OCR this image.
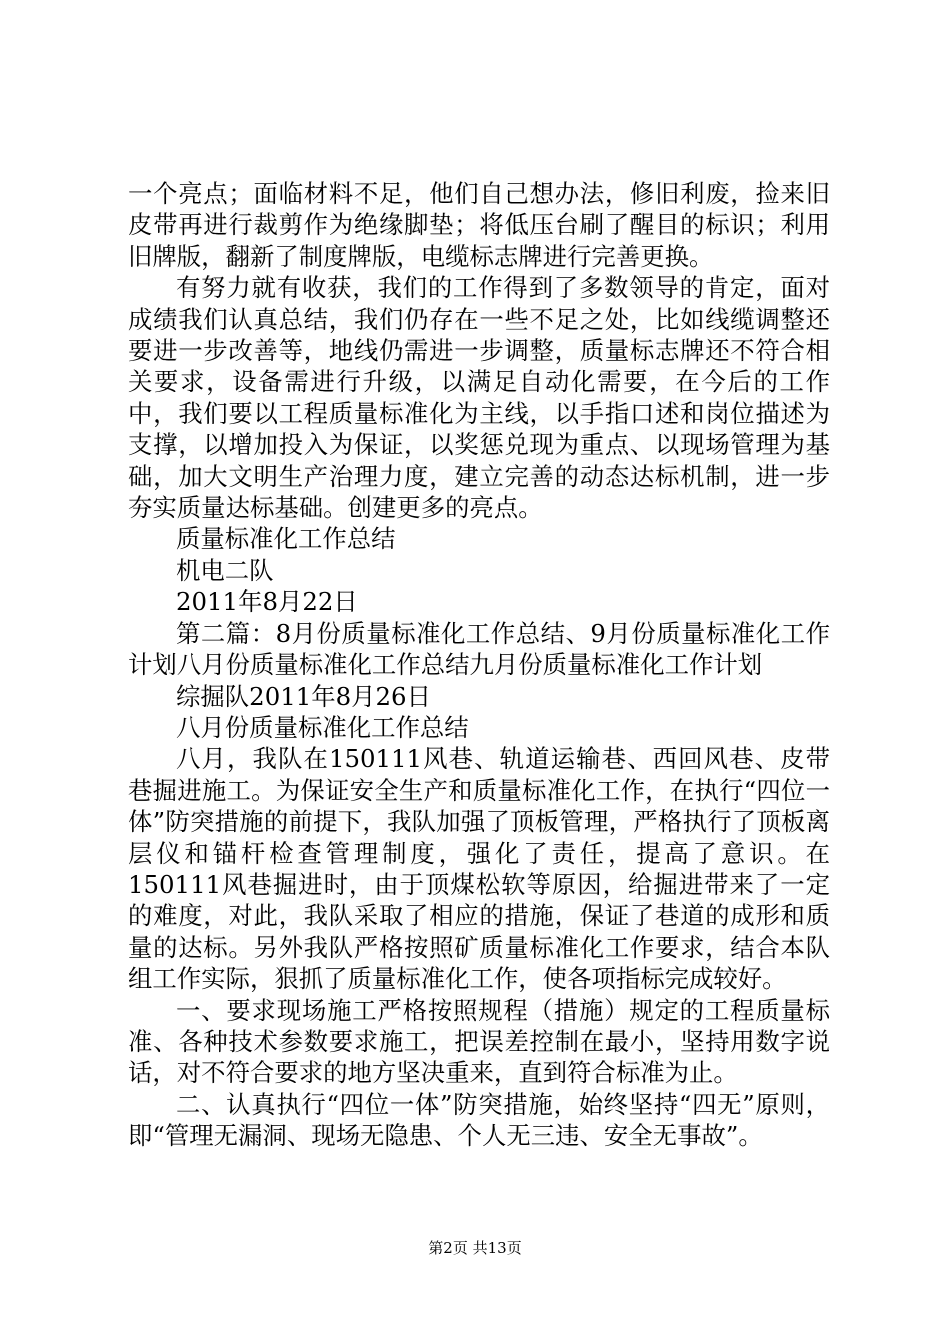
一个亮点；面临材料不足，他们自己想办法，修旧利废，捡来旧皮带再进行裁剪作为绝缘脚垫；将低压台刷了醒目的标识；利用旧牌版，翻新了制度牌版，电缆标志牌进行完善更换。

有努力就有收获，我们的工作得到了多数领导的肯定，面对成绩我们认真总结，我们仍存在一些不足之处，比如线缆调整还要进一步改善等，地线仍需进一步调整，质量标志牌还不符合相关要求，设备需进行升级，以满足自动化需要，在今后的工作中，我们要以工程质量标准化为主线，以手指口述和岗位描述为支撑，以增加投入为保证，以奖惩兑现为重点、以现场管理为基础，加大文明生产治理力度，建立完善的动态达标机制，进一步夯实质量达标基础。创建更多的亮点。

质量标准化工作总结

机电二队

2011年8月22日

第二篇：8月份质量标准化工作总结、9月份质量标准化工作计划八月份质量标准化工作总结九月份质量标准化工作计划

综掘队2011年8月26日

八月份质量标准化工作总结

八月，我队在150111风巷、轨道运输巷、西回风巷、皮带巷掘进施工。为保证安全生产和质量标准化工作，在执行“四位一体”防突措施的前提下，我队加强了顶板管理，严格执行了顶板离层仪和锚杆检查管理制度，强化了责任，提高了意识。在150111风巷掘进时，由于顶煤松软等原因，给掘进带来了一定的难度，对此，我队采取了相应的措施，保证了巷道的成形和质量的达标。另外我队严格按照矿质量标准化工作要求，结合本队组工作实际，狠抓了质量标准化工作，使各项指标完成较好。

一、要求现场施工严格按照规程（措施）规定的工程质量标准、各种技术参数要求施工，把误差控制在最小，坚持用数字说话，对不符合要求的地方坚决重来，直到符合标准为止。

二、认真执行“四位一体”防突措施，始终坚持“四无”原则，即“管理无漏洞、现场无隐患、个人无三违、安全无事故”。

第2页 共13页
